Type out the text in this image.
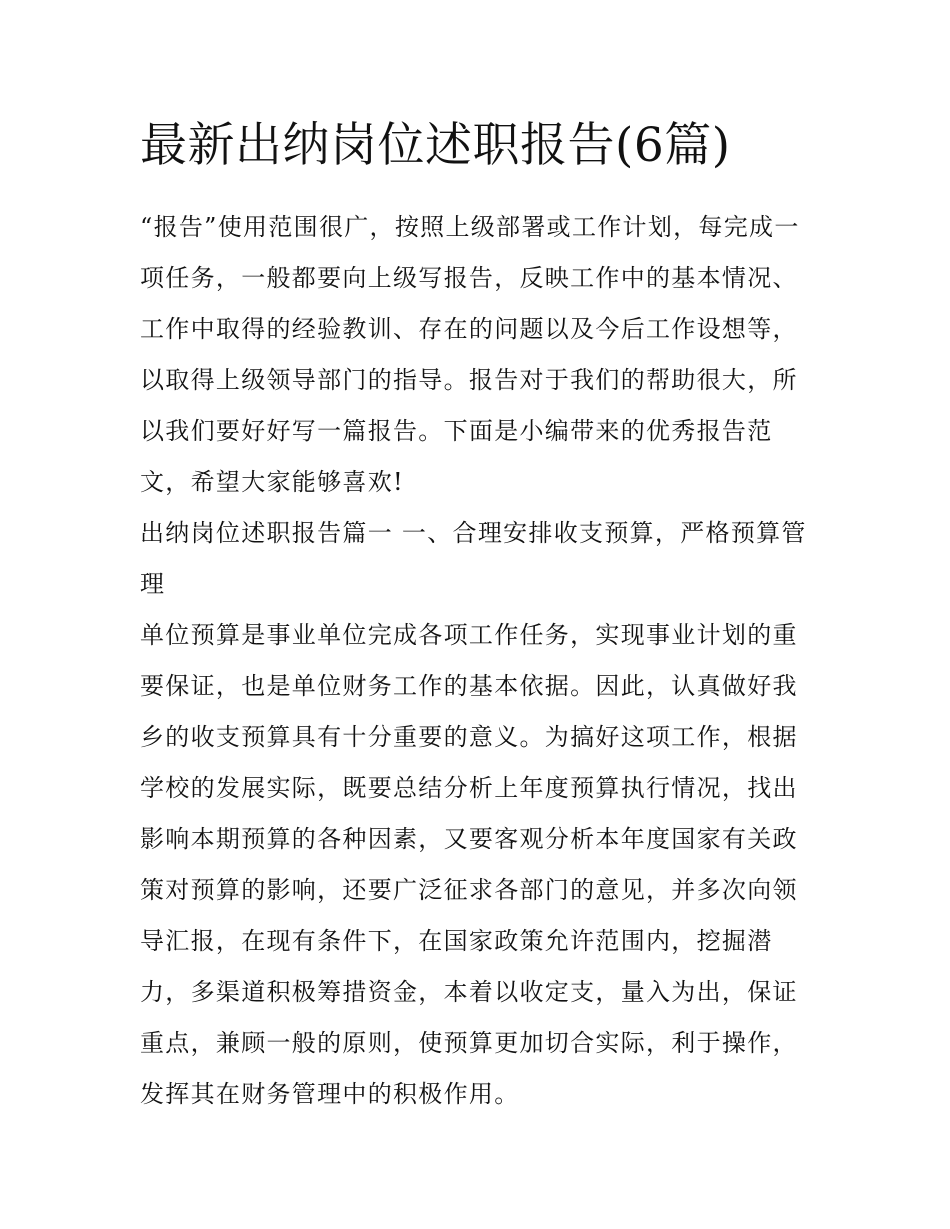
最新出纳岗位述职报告(6篇)

“报告”使用范围很广，按照上级部署或工作计划，每完成一项任务，一般都要向上级写报告，反映工作中的基本情况、工作中取得的经验教训、存在的问题以及今后工作设想等，以取得上级领导部门的指导。报告对于我们的帮助很大，所以我们要好好写一篇报告。下面是小编带来的优秀报告范文，希望大家能够喜欢!

出纳岗位述职报告篇一 一、合理安排收支预算，严格预算管理

单位预算是事业单位完成各项工作任务，实现事业计划的重要保证，也是单位财务工作的基本依据。因此，认真做好我乡的收支预算具有十分重要的意义。为搞好这项工作，根据学校的发展实际，既要总结分析上年度预算执行情况，找出影响本期预算的各种因素，又要客观分析本年度国家有关政策对预算的影响，还要广泛征求各部门的意见，并多次向领导汇报，在现有条件下，在国家政策允许范围内，挖掘潜力，多渠道积极筹措资金，本着以收定支，量入为出，保证重点，兼顾一般的原则，使预算更加切合实际，利于操作，发挥其在财务管理中的积极作用。
